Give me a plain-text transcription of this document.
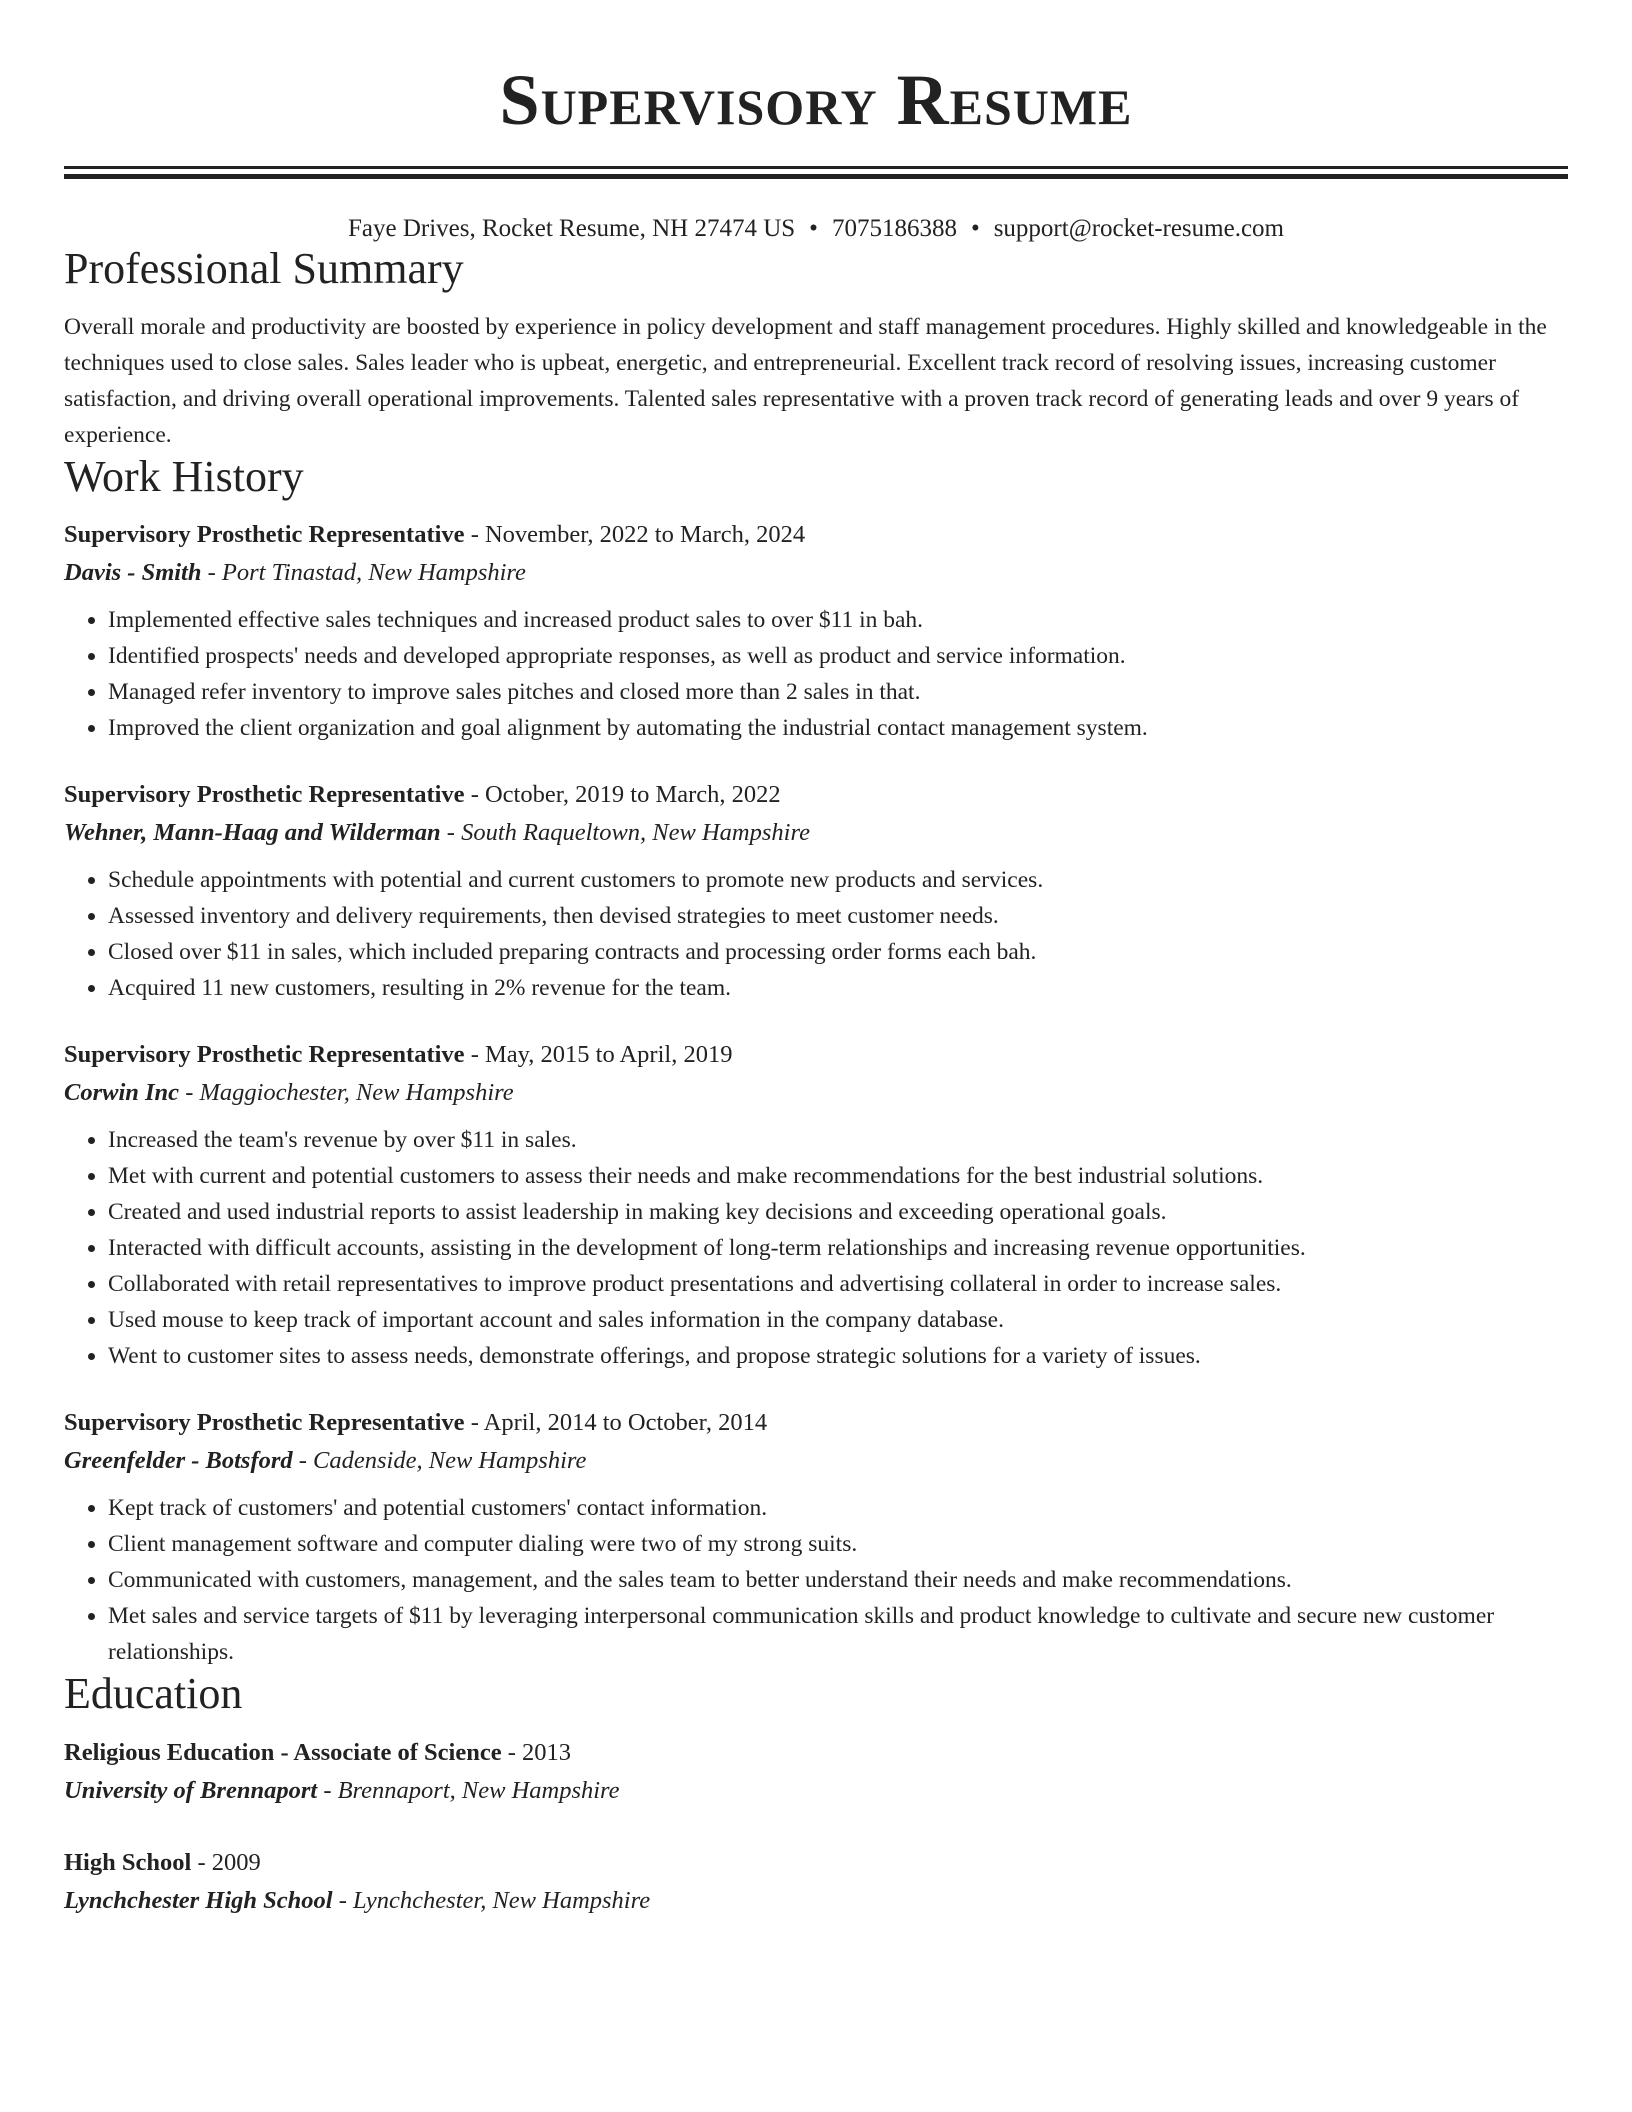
Supervisory Resume
Faye Drives, Rocket Resume, NH 27474 US • 7075186388 • support@rocket-resume.com
Professional Summary

Overall morale and productivity are boosted by experience in policy development and staff management procedures. Highly skilled and knowledgeable in the techniques used to close sales. Sales leader who is upbeat, energetic, and entrepreneurial. Excellent track record of resolving issues, increasing customer satisfaction, and driving overall operational improvements. Talented sales representative with a proven track record of generating leads and over 9 years of experience.

Work History

Supervisory Prosthetic Representative - November, 2022 to March, 2024

Davis - Smith - Port Tinastad, New Hampshire

• Implemented effective sales techniques and increased product sales to over $11 in bah.
• Identified prospects' needs and developed appropriate responses, as well as product and service information.
• Managed refer inventory to improve sales pitches and closed more than 2 sales in that.
• Improved the client organization and goal alignment by automating the industrial contact management system.

Supervisory Prosthetic Representative - October, 2019 to March, 2022

Wehner, Mann-Haag and Wilderman - South Raqueltown, New Hampshire

• Schedule appointments with potential and current customers to promote new products and services.
• Assessed inventory and delivery requirements, then devised strategies to meet customer needs.
• Closed over $11 in sales, which included preparing contracts and processing order forms each bah.
• Acquired 11 new customers, resulting in 2% revenue for the team.

Supervisory Prosthetic Representative - May, 2015 to April, 2019

Corwin Inc - Maggiochester, New Hampshire

• Increased the team's revenue by over $11 in sales.
• Met with current and potential customers to assess their needs and make recommendations for the best industrial solutions.
• Created and used industrial reports to assist leadership in making key decisions and exceeding operational goals.
• Interacted with difficult accounts, assisting in the development of long-term relationships and increasing revenue opportunities.
• Collaborated with retail representatives to improve product presentations and advertising collateral in order to increase sales.
• Used mouse to keep track of important account and sales information in the company database.
• Went to customer sites to assess needs, demonstrate offerings, and propose strategic solutions for a variety of issues.

Supervisory Prosthetic Representative - April, 2014 to October, 2014

Greenfelder - Botsford - Cadenside, New Hampshire

• Kept track of customers' and potential customers' contact information.
• Client management software and computer dialing were two of my strong suits.
• Communicated with customers, management, and the sales team to better understand their needs and make recommendations.
• Met sales and service targets of $11 by leveraging interpersonal communication skills and product knowledge to cultivate and secure new customer relationships.
Education

Religious Education - Associate of Science - 2013

University of Brennaport - Brennaport, New Hampshire

High School - 2009

Lynchchester High School - Lynchchester, New Hampshire
